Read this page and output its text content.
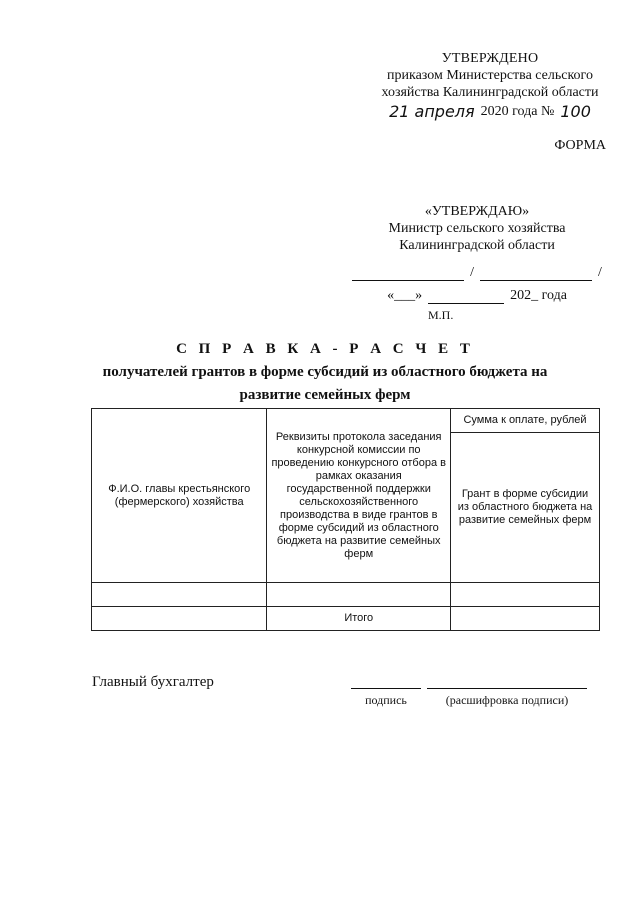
УТВЕРЖДЕНО
приказом Министерства сельского
хозяйства Калининградской области
21 апреля 2020 года № 100
ФОРМА
«УТВЕРЖДАЮ»
Министр сельского хозяйства
Калининградской области
/	/
«___»	202_ года
М.П.
С П Р А В К А - Р А С Ч Е Т
получателей грантов в форме субсидий из областного бюджета на
развитие семейных ферм
Ф.И.О. главы крестьянского (фермерского) хозяйства	Реквизиты протокола заседания конкурсной комиссии по проведению конкурсного отбора в рамках оказания государственной поддержки сельскохозяйственного производства в виде грантов в форме субсидий из областного бюджета на развитие семейных ферм	Сумма к оплате, рублей
		Грант в форме субсидии из областного бюджета на развитие семейных ферм

	Итого	
Главный бухгалтер
подпись	(расшифровка подписи)
